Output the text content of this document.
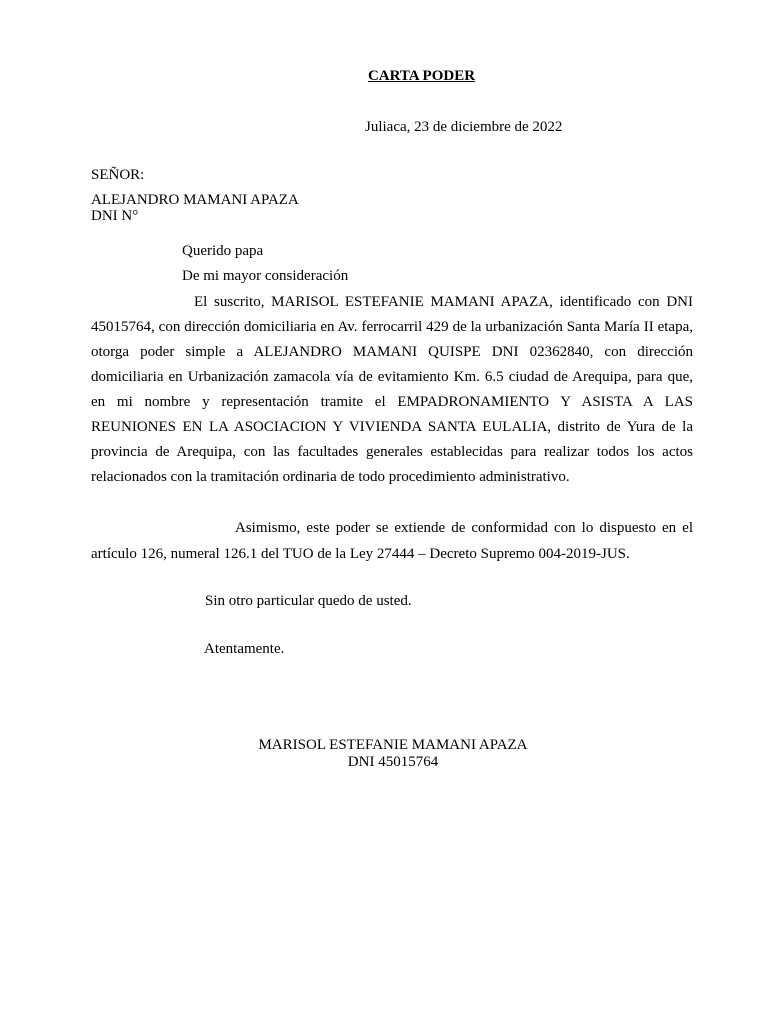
CARTA PODER
Juliaca, 23 de diciembre de 2022
SEÑOR:
ALEJANDRO MAMANI APAZA
DNI N°
Querido papa
De mi mayor consideración

El suscrito, MARISOL ESTEFANIE MAMANI APAZA, identificado con DNI 45015764, con dirección domiciliaria en Av. ferrocarril 429 de la urbanización Santa María II etapa, otorga poder simple a ALEJANDRO MAMANI QUISPE DNI 02362840, con dirección domiciliaria en Urbanización zamacola vía de evitamiento Km. 6.5 ciudad de Arequipa, para que, en mi nombre y representación tramite el EMPADRONAMIENTO Y ASISTA A LAS REUNIONES EN LA ASOCIACION Y VIVIENDA SANTA EULALIA, distrito de Yura de la provincia de Arequipa, con las facultades generales establecidas para realizar todos los actos relacionados con la tramitación ordinaria de todo procedimiento administrativo.

Asimismo, este poder se extiende de conformidad con lo dispuesto en el artículo 126, numeral 126.1 del TUO de la Ley 27444 – Decreto Supremo 004-2019-JUS.

Sin otro particular quedo de usted.
Atentamente.
MARISOL ESTEFANIE MAMANI APAZA
DNI 45015764
